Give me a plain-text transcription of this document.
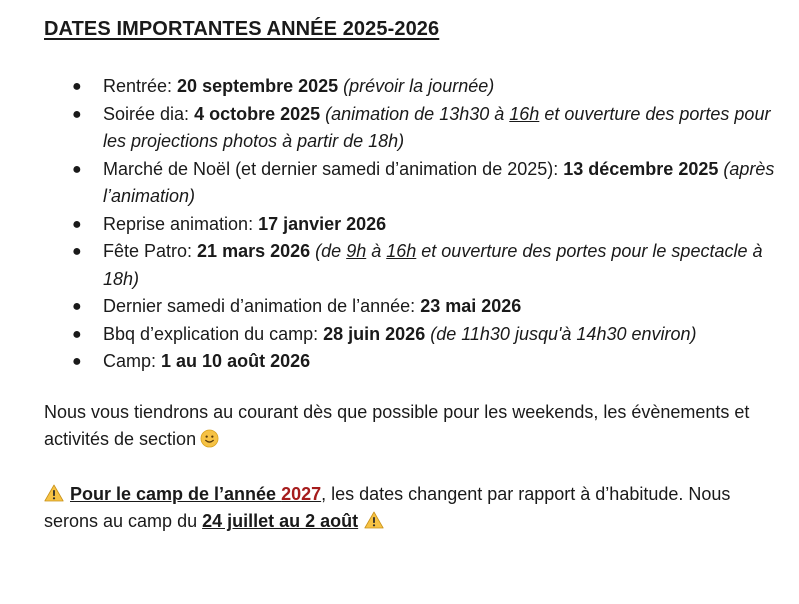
DATES IMPORTANTES ANNÉE 2025-2026
● Rentrée: 20 septembre 2025 (prévoir la journée)
● Soirée dia: 4 octobre 2025 (animation de 13h30 à 16h et ouverture des portes pour les projections photos à partir de 18h)
● Marché de Noël (et dernier samedi d’animation de 2025): 13 décembre 2025 (après l’animation)
● Reprise animation: 17 janvier 2026
● Fête Patro: 21 mars 2026 (de 9h à 16h et ouverture des portes pour le spectacle à 18h)
● Dernier samedi d’animation de l’année: 23 mai 2026
● Bbq d’explication du camp: 28 juin 2026 (de 11h30 jusqu'à 14h30 environ)
● Camp: 1 au 10 août 2026

Nous vous tiendrons au courant dès que possible pour les weekends, les évènements et activités de section

Pour le camp de l’année 2027, les dates changent par rapport à d’habitude. Nous serons au camp du 24 juillet au 2 août
